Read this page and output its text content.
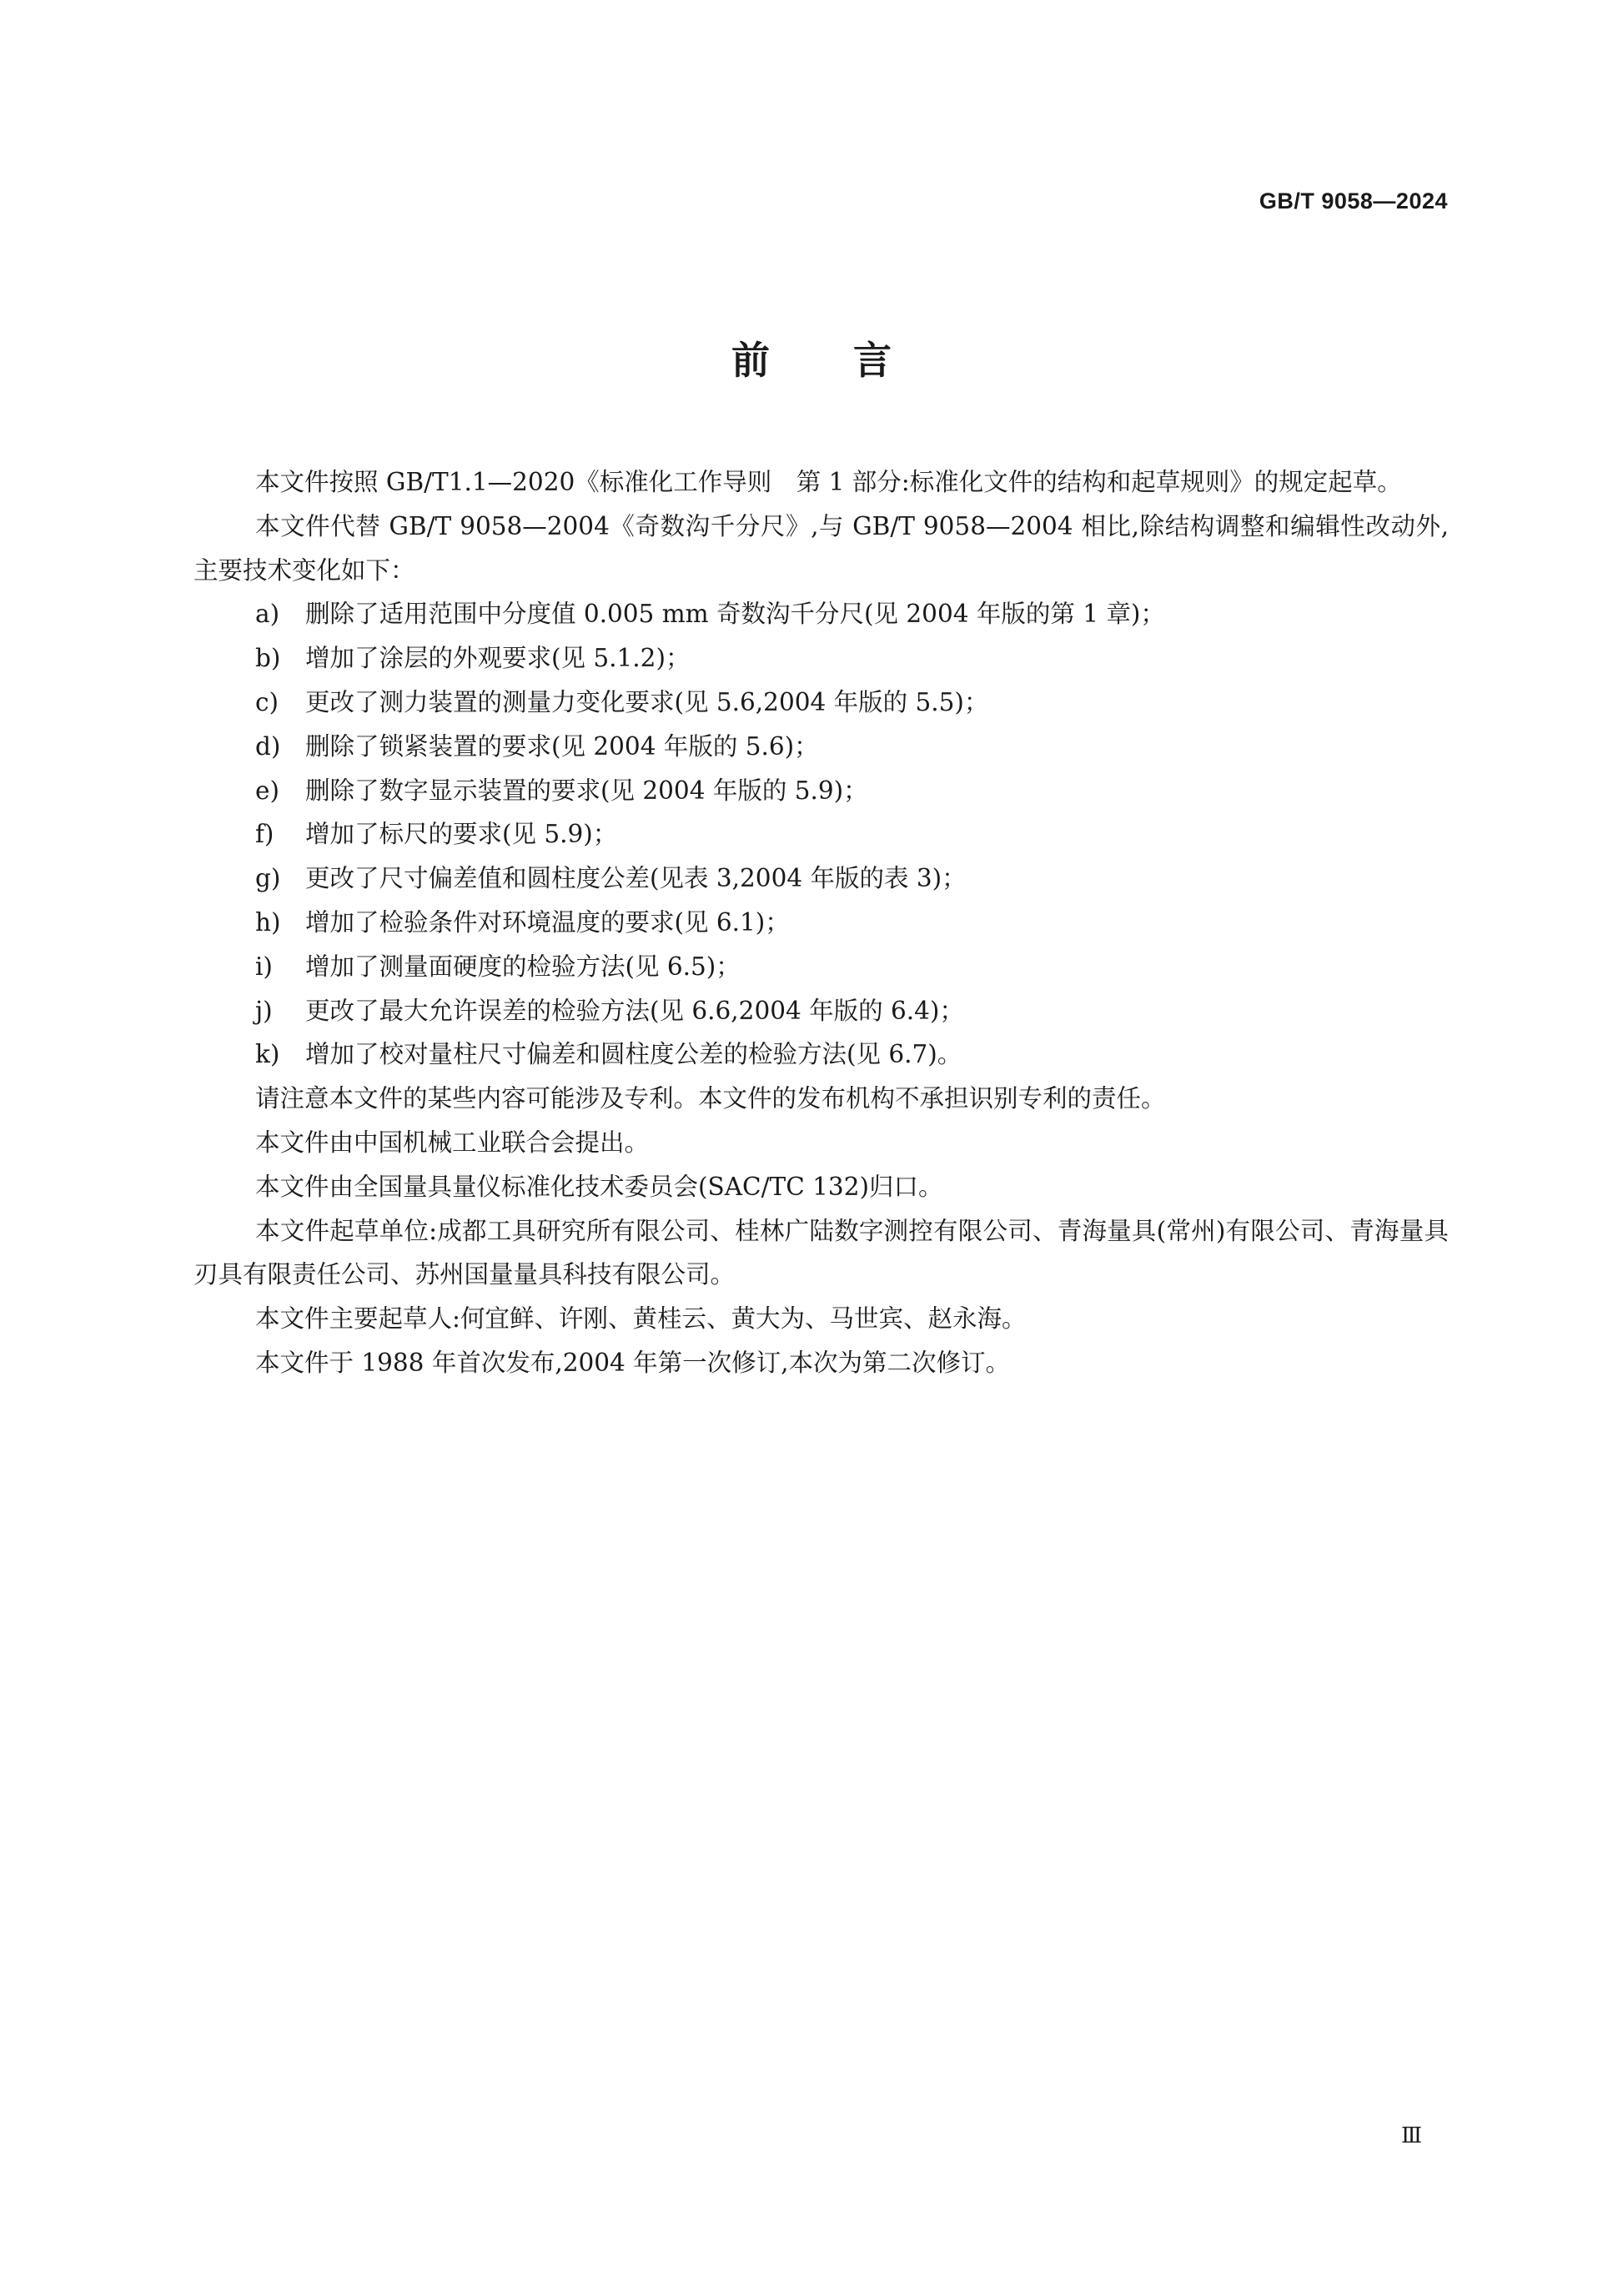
GB/T 9058—2024
前言

本文件按照 GB/T1.1—2020《标准化工作导则　第 1 部分:标准化文件的结构和起草规则》的规定起草。

本文件代替 GB/T 9058—2004《奇数沟千分尺》,与 GB/T 9058—2004 相比,除结构调整和编辑性改动外,主要技术变化如下：

a)	删除了适用范围中分度值 0.005 mm 奇数沟千分尺(见 2004 年版的第 1 章)；
b)	增加了涂层的外观要求(见 5.1.2)；
c)	更改了测力装置的测量力变化要求(见 5.6,2004 年版的 5.5)；
d)	删除了锁紧装置的要求(见 2004 年版的 5.6)；
e)	删除了数字显示装置的要求(见 2004 年版的 5.9)；
f)	增加了标尺的要求(见 5.9)；
g)	更改了尺寸偏差值和圆柱度公差(见表 3,2004 年版的表 3)；
h) 增加了检验条件对环境温度的要求(见 6.1)；
i)	增加了测量面硬度的检验方法(见 6.5)；
j)	更改了最大允许误差的检验方法(见 6.6,2004 年版的 6.4)；
k)	增加了校对量柱尺寸偏差和圆柱度公差的检验方法(见 6.7)。

请注意本文件的某些内容可能涉及专利。本文件的发布机构不承担识别专利的责任。

本文件由中国机械工业联合会提出。

本文件由全国量具量仪标准化技术委员会(SAC/TC 132)归口。

本文件起草单位:成都工具研究所有限公司、桂林广陆数字测控有限公司、青海量具(常州)有限公司、青海量具刃具有限责任公司、苏州国量量具科技有限公司。

本文件主要起草人:何宜鲜、许刚、黄桂云、黄大为、马世宾、赵永海。

本文件于 1988 年首次发布,2004 年第一次修订,本次为第二次修订。

Ⅲ
